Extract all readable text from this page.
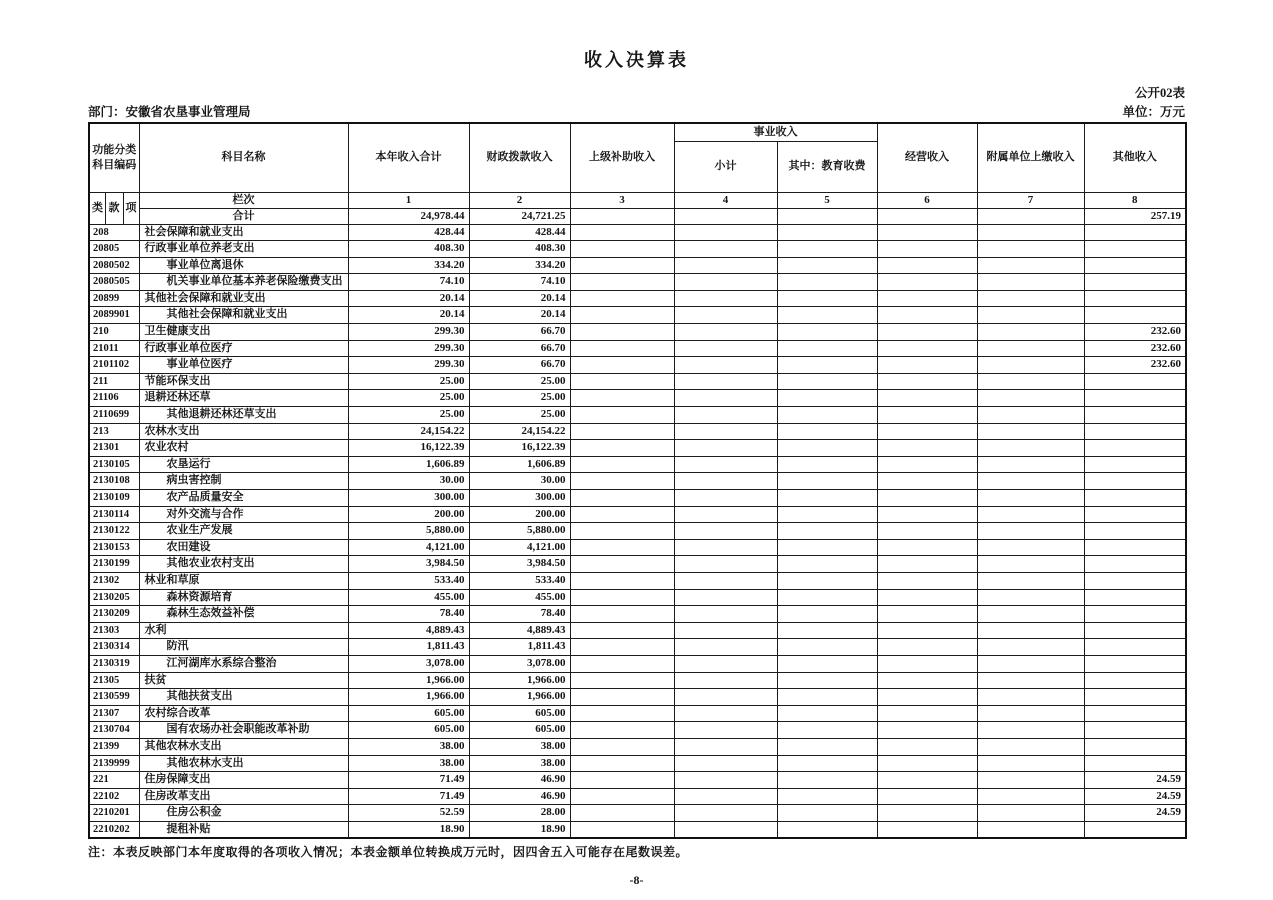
收入决算表
公开02表
部门：安徽省农垦事业管理局	单位：万元
功能分类 科目编码			科目名称	本年收入合计	财政拨款收入	上级补助收入	事业收入		经营收入	附属单位上缴收入	其他收入
							小计	其中：教育收费			
类	款	项	栏次	1	2	3	4	5	6	7	8
			合计	24,978.44	24,721.25						257.19
208			社会保障和就业支出	428.44	428.44						
20805			行政事业单位养老支出	408.30	408.30						
2080502			事业单位离退休	334.20	334.20						
2080505			机关事业单位基本养老保险缴费支出	74.10	74.10						
20899			其他社会保障和就业支出	20.14	20.14						
2089901			其他社会保障和就业支出	20.14	20.14						
210			卫生健康支出	299.30	66.70						232.60
21011			行政事业单位医疗	299.30	66.70						232.60
2101102			事业单位医疗	299.30	66.70						232.60
211			节能环保支出	25.00	25.00						
21106			退耕还林还草	25.00	25.00						
2110699			其他退耕还林还草支出	25.00	25.00						
213			农林水支出	24,154.22	24,154.22						
21301			农业农村	16,122.39	16,122.39						
2130105			农垦运行	1,606.89	1,606.89						
2130108			病虫害控制	30.00	30.00						
2130109			农产品质量安全	300.00	300.00						
2130114			对外交流与合作	200.00	200.00						
2130122			农业生产发展	5,880.00	5,880.00						
2130153			农田建设	4,121.00	4,121.00						
2130199			其他农业农村支出	3,984.50	3,984.50						
21302			林业和草原	533.40	533.40						
2130205			森林资源培育	455.00	455.00						
2130209			森林生态效益补偿	78.40	78.40						
21303			水利	4,889.43	4,889.43						
2130314			防汛	1,811.43	1,811.43						
2130319			江河湖库水系综合整治	3,078.00	3,078.00						
21305			扶贫	1,966.00	1,966.00						
2130599			其他扶贫支出	1,966.00	1,966.00						
21307			农村综合改革	605.00	605.00						
2130704			国有农场办社会职能改革补助	605.00	605.00						
21399			其他农林水支出	38.00	38.00						
2139999			其他农林水支出	38.00	38.00						
221			住房保障支出	71.49	46.90						24.59
22102			住房改革支出	71.49	46.90						24.59
2210201			住房公积金	52.59	28.00						24.59
2210202			提租补贴	18.90	18.90						
注：本表反映部门本年度取得的各项收入情况；本表金额单位转换成万元时，因四舍五入可能存在尾数误差。
-8-
